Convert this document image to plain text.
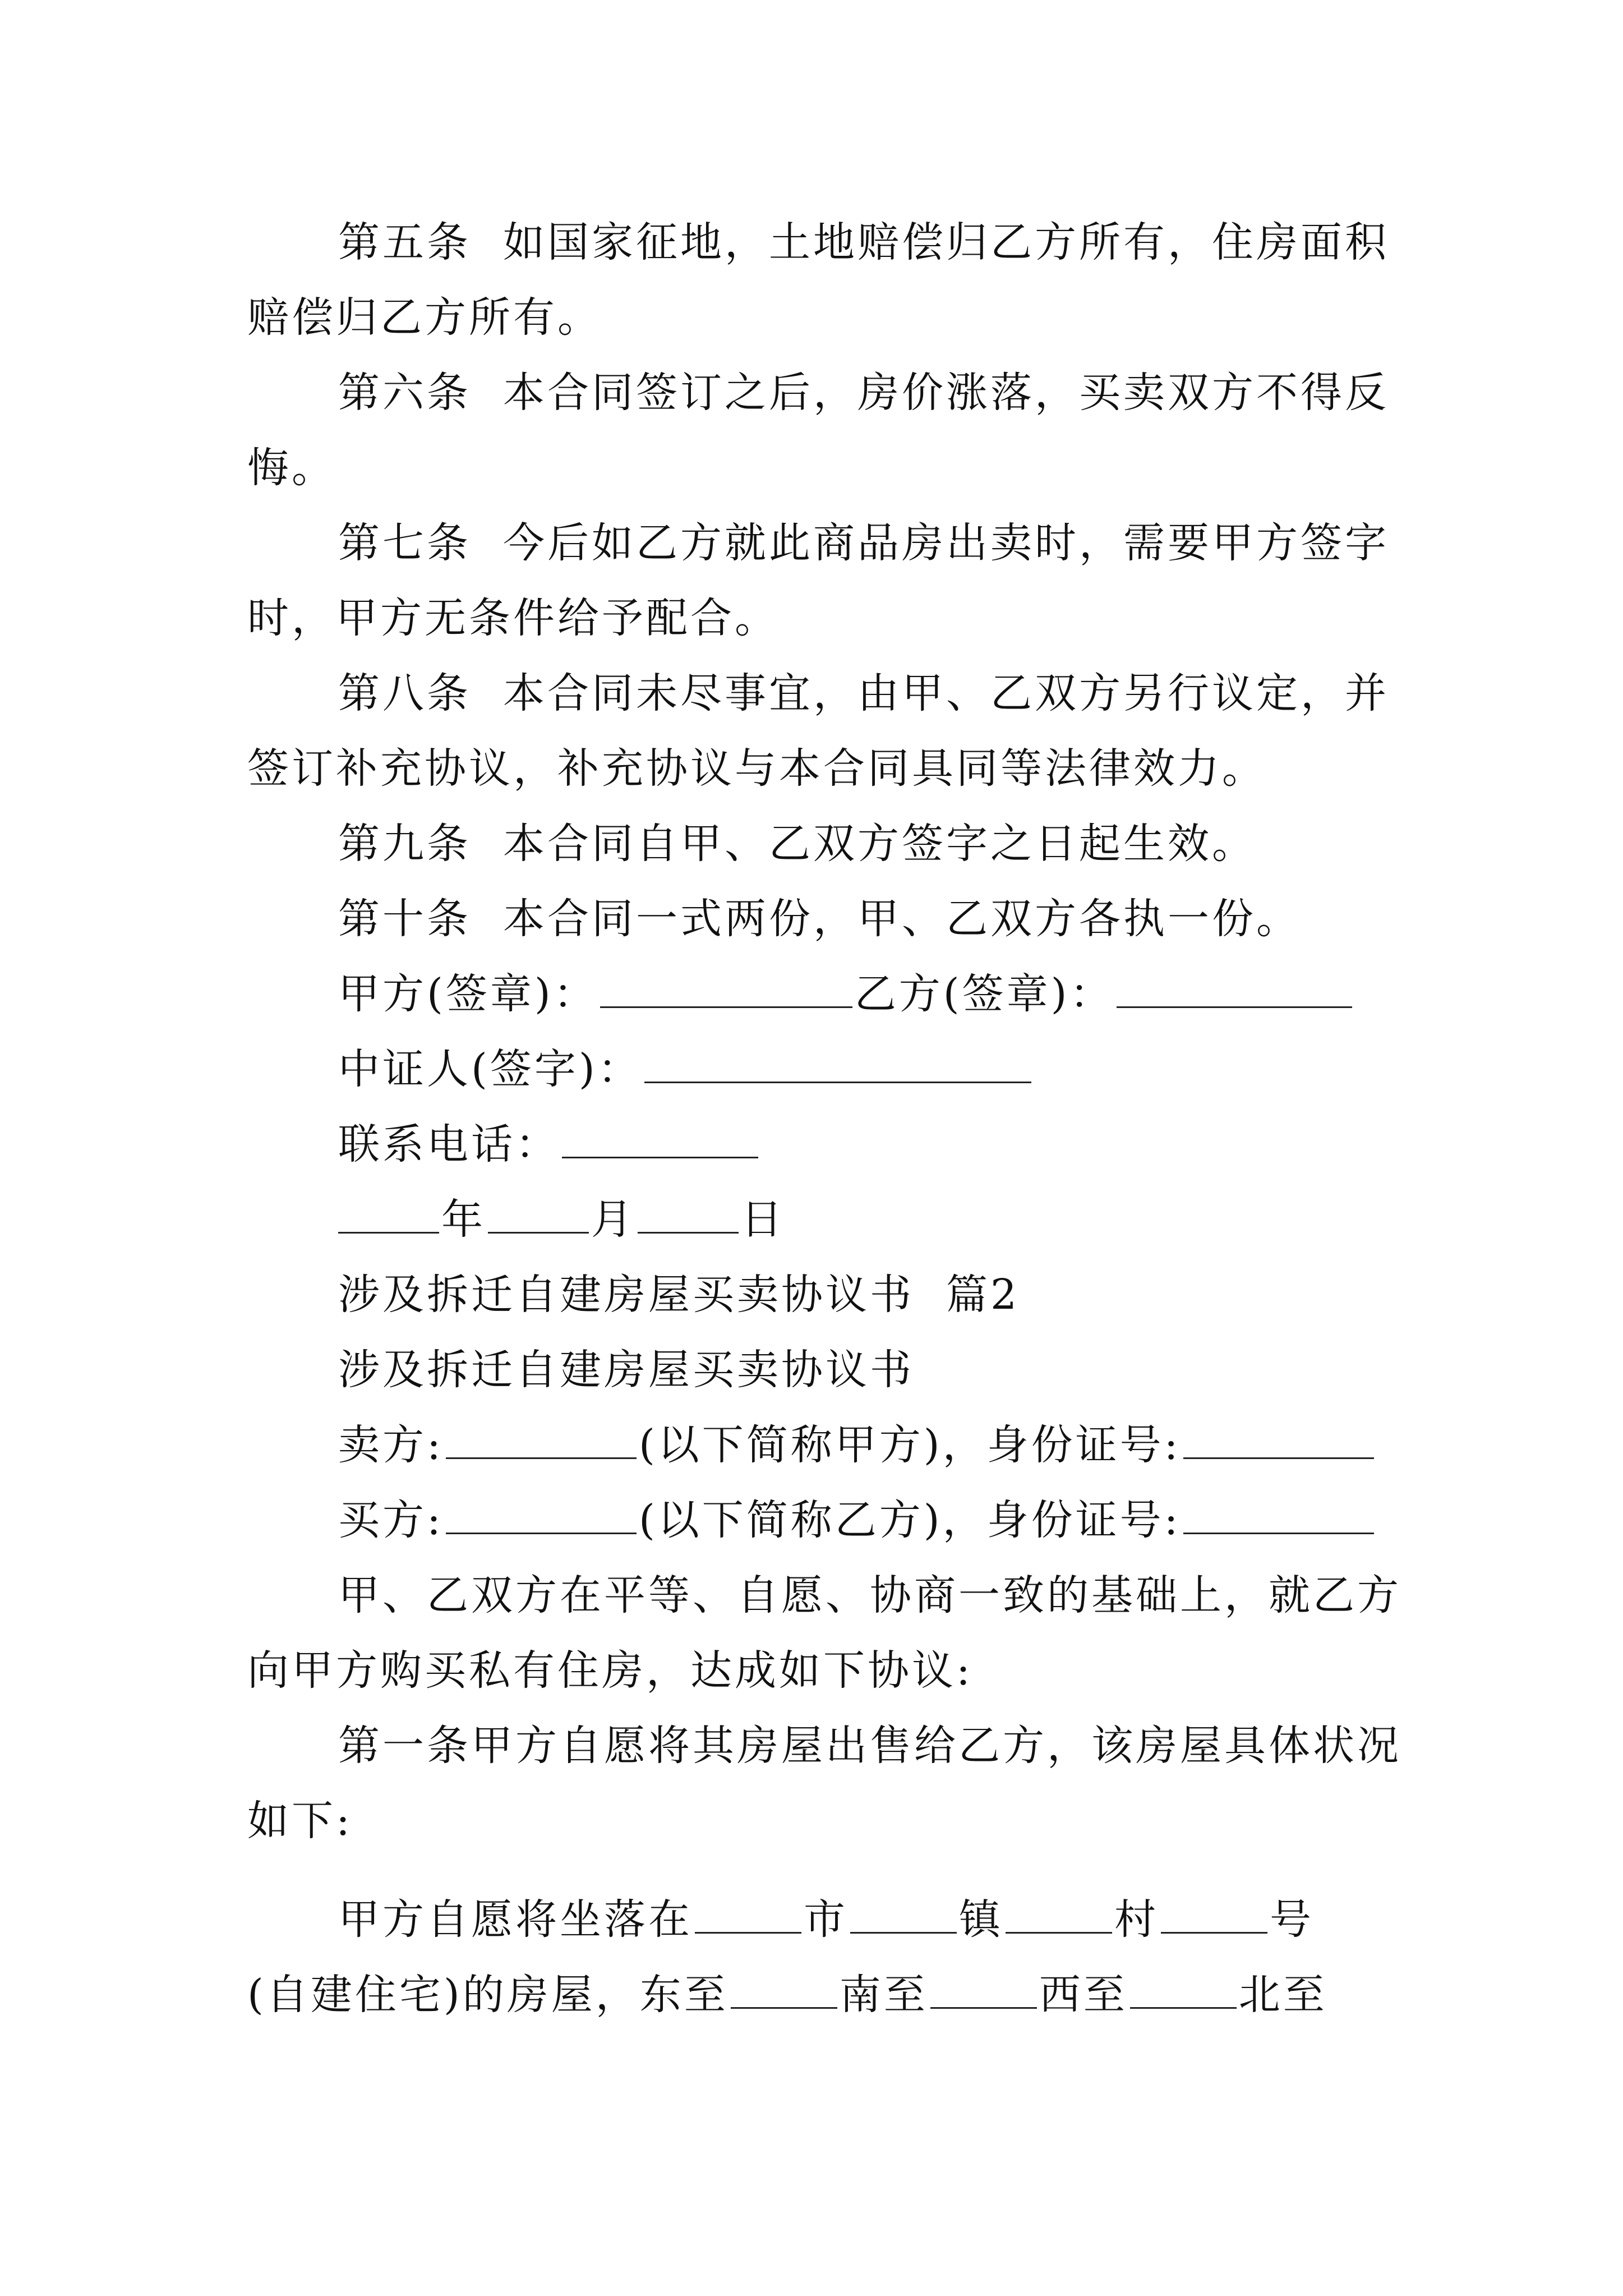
第五条  如国家征地，土地赔偿归乙方所有，住房面积
赔偿归乙方所有。
第六条  本合同签订之后，房价涨落，买卖双方不得反
悔。
第七条  今后如乙方就此商品房出卖时，需要甲方签字
时，甲方无条件给予配合。
第八条  本合同未尽事宜，由甲、乙双方另行议定，并
签订补充协议，补充协议与本合同具同等法律效力。
第九条  本合同自甲、乙双方签字之日起生效。
第十条  本合同一式两份，甲、乙双方各执一份。
甲方(签章)：	乙方(签章)：
中证人(签字)：
联系电话：
年	月	日
涉及拆迁自建房屋买卖协议书  篇2
涉及拆迁自建房屋买卖协议书
卖方:	(以下简称甲方)，身份证号:
买方:	(以下简称乙方)，身份证号:
甲、乙双方在平等、自愿、协商一致的基础上，就乙方
向甲方购买私有住房，达成如下协议:
第一条甲方自愿将其房屋出售给乙方，该房屋具体状况
如下:
甲方自愿将坐落在	市	镇	村	号
(自建住宅)的房屋，东至	南至	西至	北至
